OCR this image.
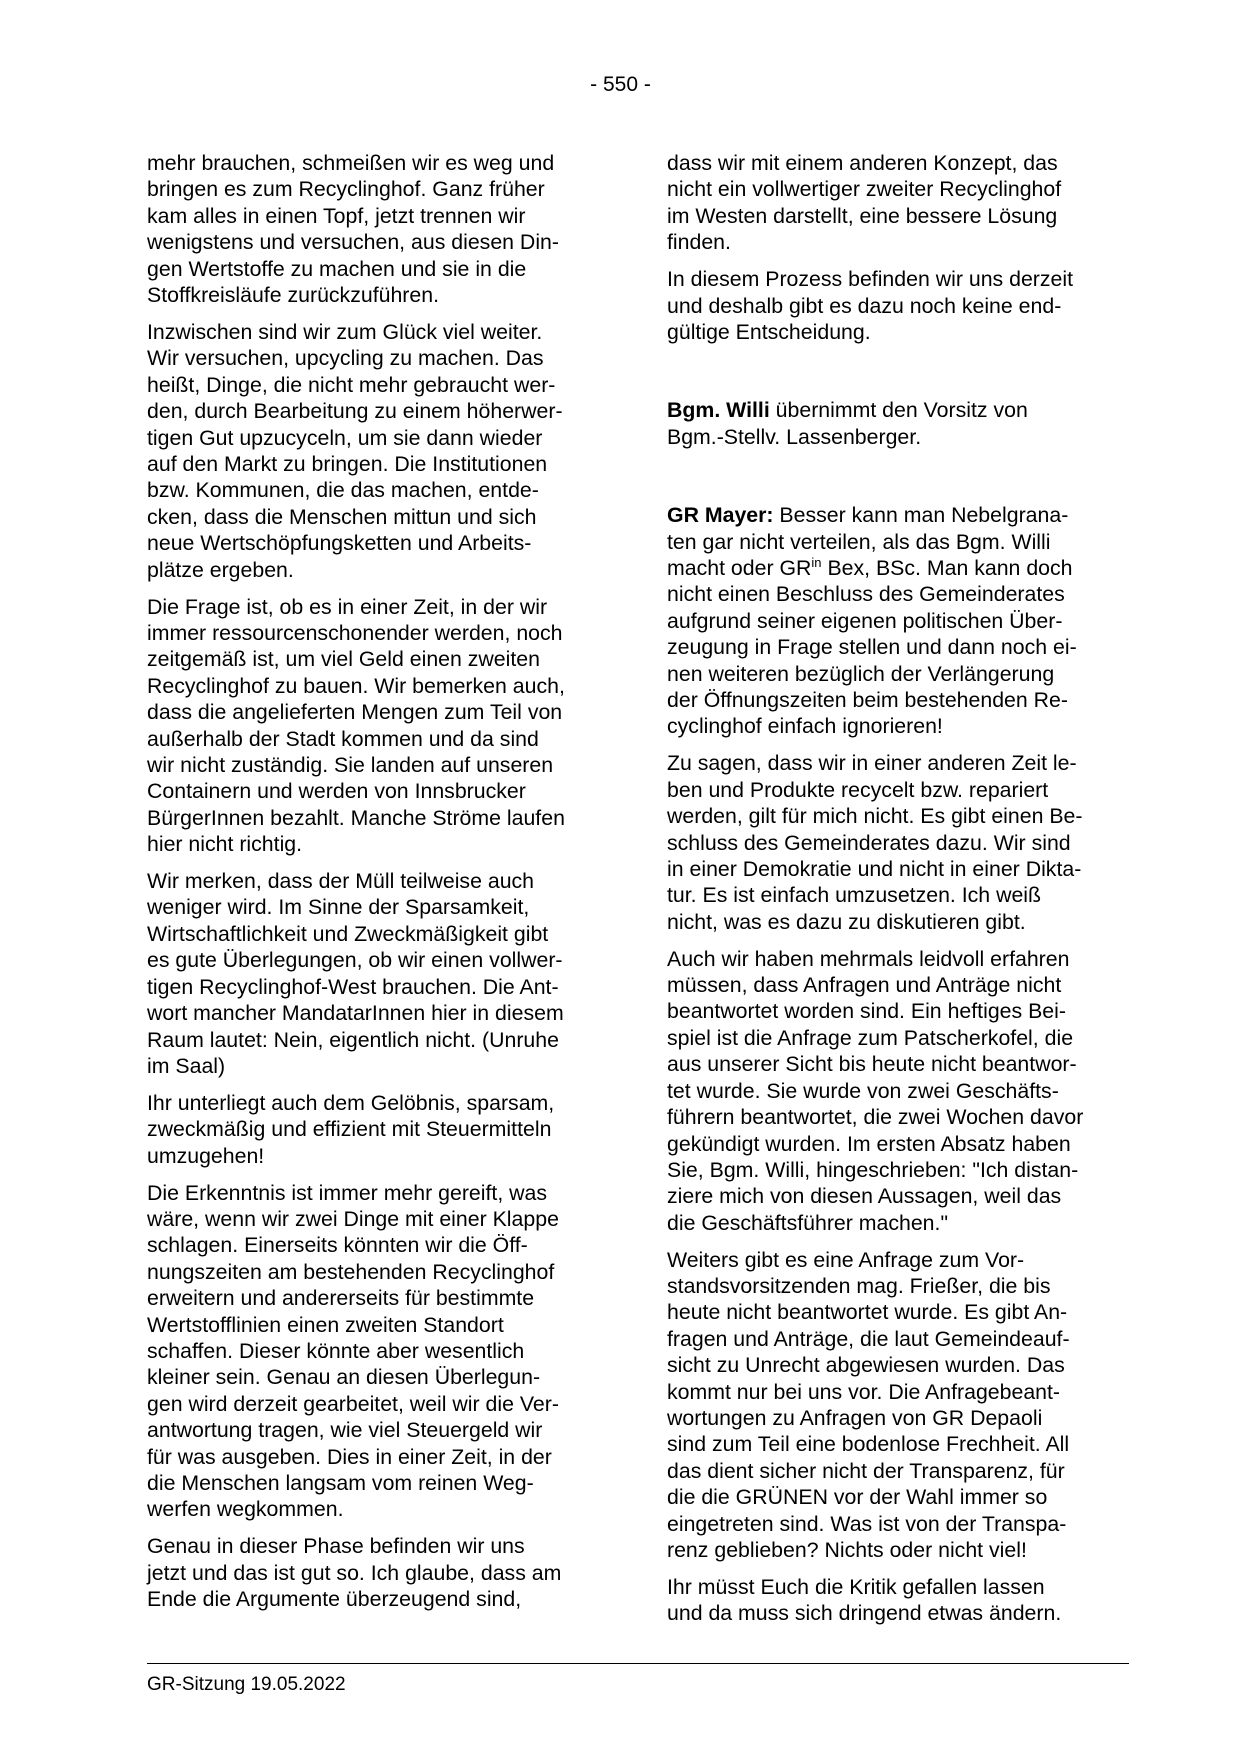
- 550 -

mehr brauchen, schmeißen wir es weg und
bringen es zum Recyclinghof. Ganz früher
kam alles in einen Topf, jetzt trennen wir
wenigstens und versuchen, aus diesen Din-
gen Wertstoffe zu machen und sie in die
Stoffkreisläufe zurückzuführen.

Inzwischen sind wir zum Glück viel weiter.
Wir versuchen, upcycling zu machen. Das
heißt, Dinge, die nicht mehr gebraucht wer-
den, durch Bearbeitung zu einem höherwer-
tigen Gut upzucyceln, um sie dann wieder
auf den Markt zu bringen. Die Institutionen
bzw. Kommunen, die das machen, entde-
cken, dass die Menschen mittun und sich
neue Wertschöpfungsketten und Arbeits-
plätze ergeben.

Die Frage ist, ob es in einer Zeit, in der wir
immer ressourcenschonender werden, noch
zeitgemäß ist, um viel Geld einen zweiten
Recyclinghof zu bauen. Wir bemerken auch,
dass die angelieferten Mengen zum Teil von
außerhalb der Stadt kommen und da sind
wir nicht zuständig. Sie landen auf unseren
Containern und werden von Innsbrucker
BürgerInnen bezahlt. Manche Ströme laufen
hier nicht richtig.

Wir merken, dass der Müll teilweise auch
weniger wird. Im Sinne der Sparsamkeit,
Wirtschaftlichkeit und Zweckmäßigkeit gibt
es gute Überlegungen, ob wir einen vollwer-
tigen Recyclinghof-West brauchen. Die Ant-
wort mancher MandatarInnen hier in diesem
Raum lautet: Nein, eigentlich nicht. (Unruhe
im Saal)

Ihr unterliegt auch dem Gelöbnis, sparsam,
zweckmäßig und effizient mit Steuermitteln
umzugehen!

Die Erkenntnis ist immer mehr gereift, was
wäre, wenn wir zwei Dinge mit einer Klappe
schlagen. Einerseits könnten wir die Öff-
nungszeiten am bestehenden Recyclinghof
erweitern und andererseits für bestimmte
Wertstofflinien einen zweiten Standort
schaffen. Dieser könnte aber wesentlich
kleiner sein. Genau an diesen Überlegun-
gen wird derzeit gearbeitet, weil wir die Ver-
antwortung tragen, wie viel Steuergeld wir
für was ausgeben. Dies in einer Zeit, in der
die Menschen langsam vom reinen Weg-
werfen wegkommen.

Genau in dieser Phase befinden wir uns
jetzt und das ist gut so. Ich glaube, dass am
Ende die Argumente überzeugend sind,

dass wir mit einem anderen Konzept, das
nicht ein vollwertiger zweiter Recyclinghof
im Westen darstellt, eine bessere Lösung
finden.

In diesem Prozess befinden wir uns derzeit
und deshalb gibt es dazu noch keine end-
gültige Entscheidung.

Bgm. Willi übernimmt den Vorsitz von
Bgm.-Stellv. Lassenberger.

GR Mayer: Besser kann man Nebelgrana-
ten gar nicht verteilen, als das Bgm. Willi
macht oder $GR^{in}$ Bex, BSc. Man kann doch
nicht einen Beschluss des Gemeinderates
aufgrund seiner eigenen politischen Über-
zeugung in Frage stellen und dann noch ei-
nen weiteren bezüglich der Verlängerung
der Öffnungszeiten beim bestehenden Re-
cyclinghof einfach ignorieren!

Zu sagen, dass wir in einer anderen Zeit le-
ben und Produkte recycelt bzw. repariert
werden, gilt für mich nicht. Es gibt einen Be-
schluss des Gemeinderates dazu. Wir sind
in einer Demokratie und nicht in einer Dikta-
tur. Es ist einfach umzusetzen. Ich weiß
nicht, was es dazu zu diskutieren gibt.

Auch wir haben mehrmals leidvoll erfahren
müssen, dass Anfragen und Anträge nicht
beantwortet worden sind. Ein heftiges Bei-
spiel ist die Anfrage zum Patscherkofel, die
aus unserer Sicht bis heute nicht beantwor-
tet wurde. Sie wurde von zwei Geschäfts-
führern beantwortet, die zwei Wochen davor
gekündigt wurden. Im ersten Absatz haben
Sie, Bgm. Willi, hingeschrieben: "Ich distan-
ziere mich von diesen Aussagen, weil das
die Geschäftsführer machen."

Weiters gibt es eine Anfrage zum Vor-
standsvorsitzenden mag. Frießer, die bis
heute nicht beantwortet wurde. Es gibt An-
fragen und Anträge, die laut Gemeindeauf-
sicht zu Unrecht abgewiesen wurden. Das
kommt nur bei uns vor. Die Anfragebeant-
wortungen zu Anfragen von GR Depaoli
sind zum Teil eine bodenlose Frechheit. All
das dient sicher nicht der Transparenz, für
die die GRÜNEN vor der Wahl immer so
eingetreten sind. Was ist von der Transpa-
renz geblieben? Nichts oder nicht viel!

Ihr müsst Euch die Kritik gefallen lassen
und da muss sich dringend etwas ändern.

GR-Sitzung 19.05.2022
